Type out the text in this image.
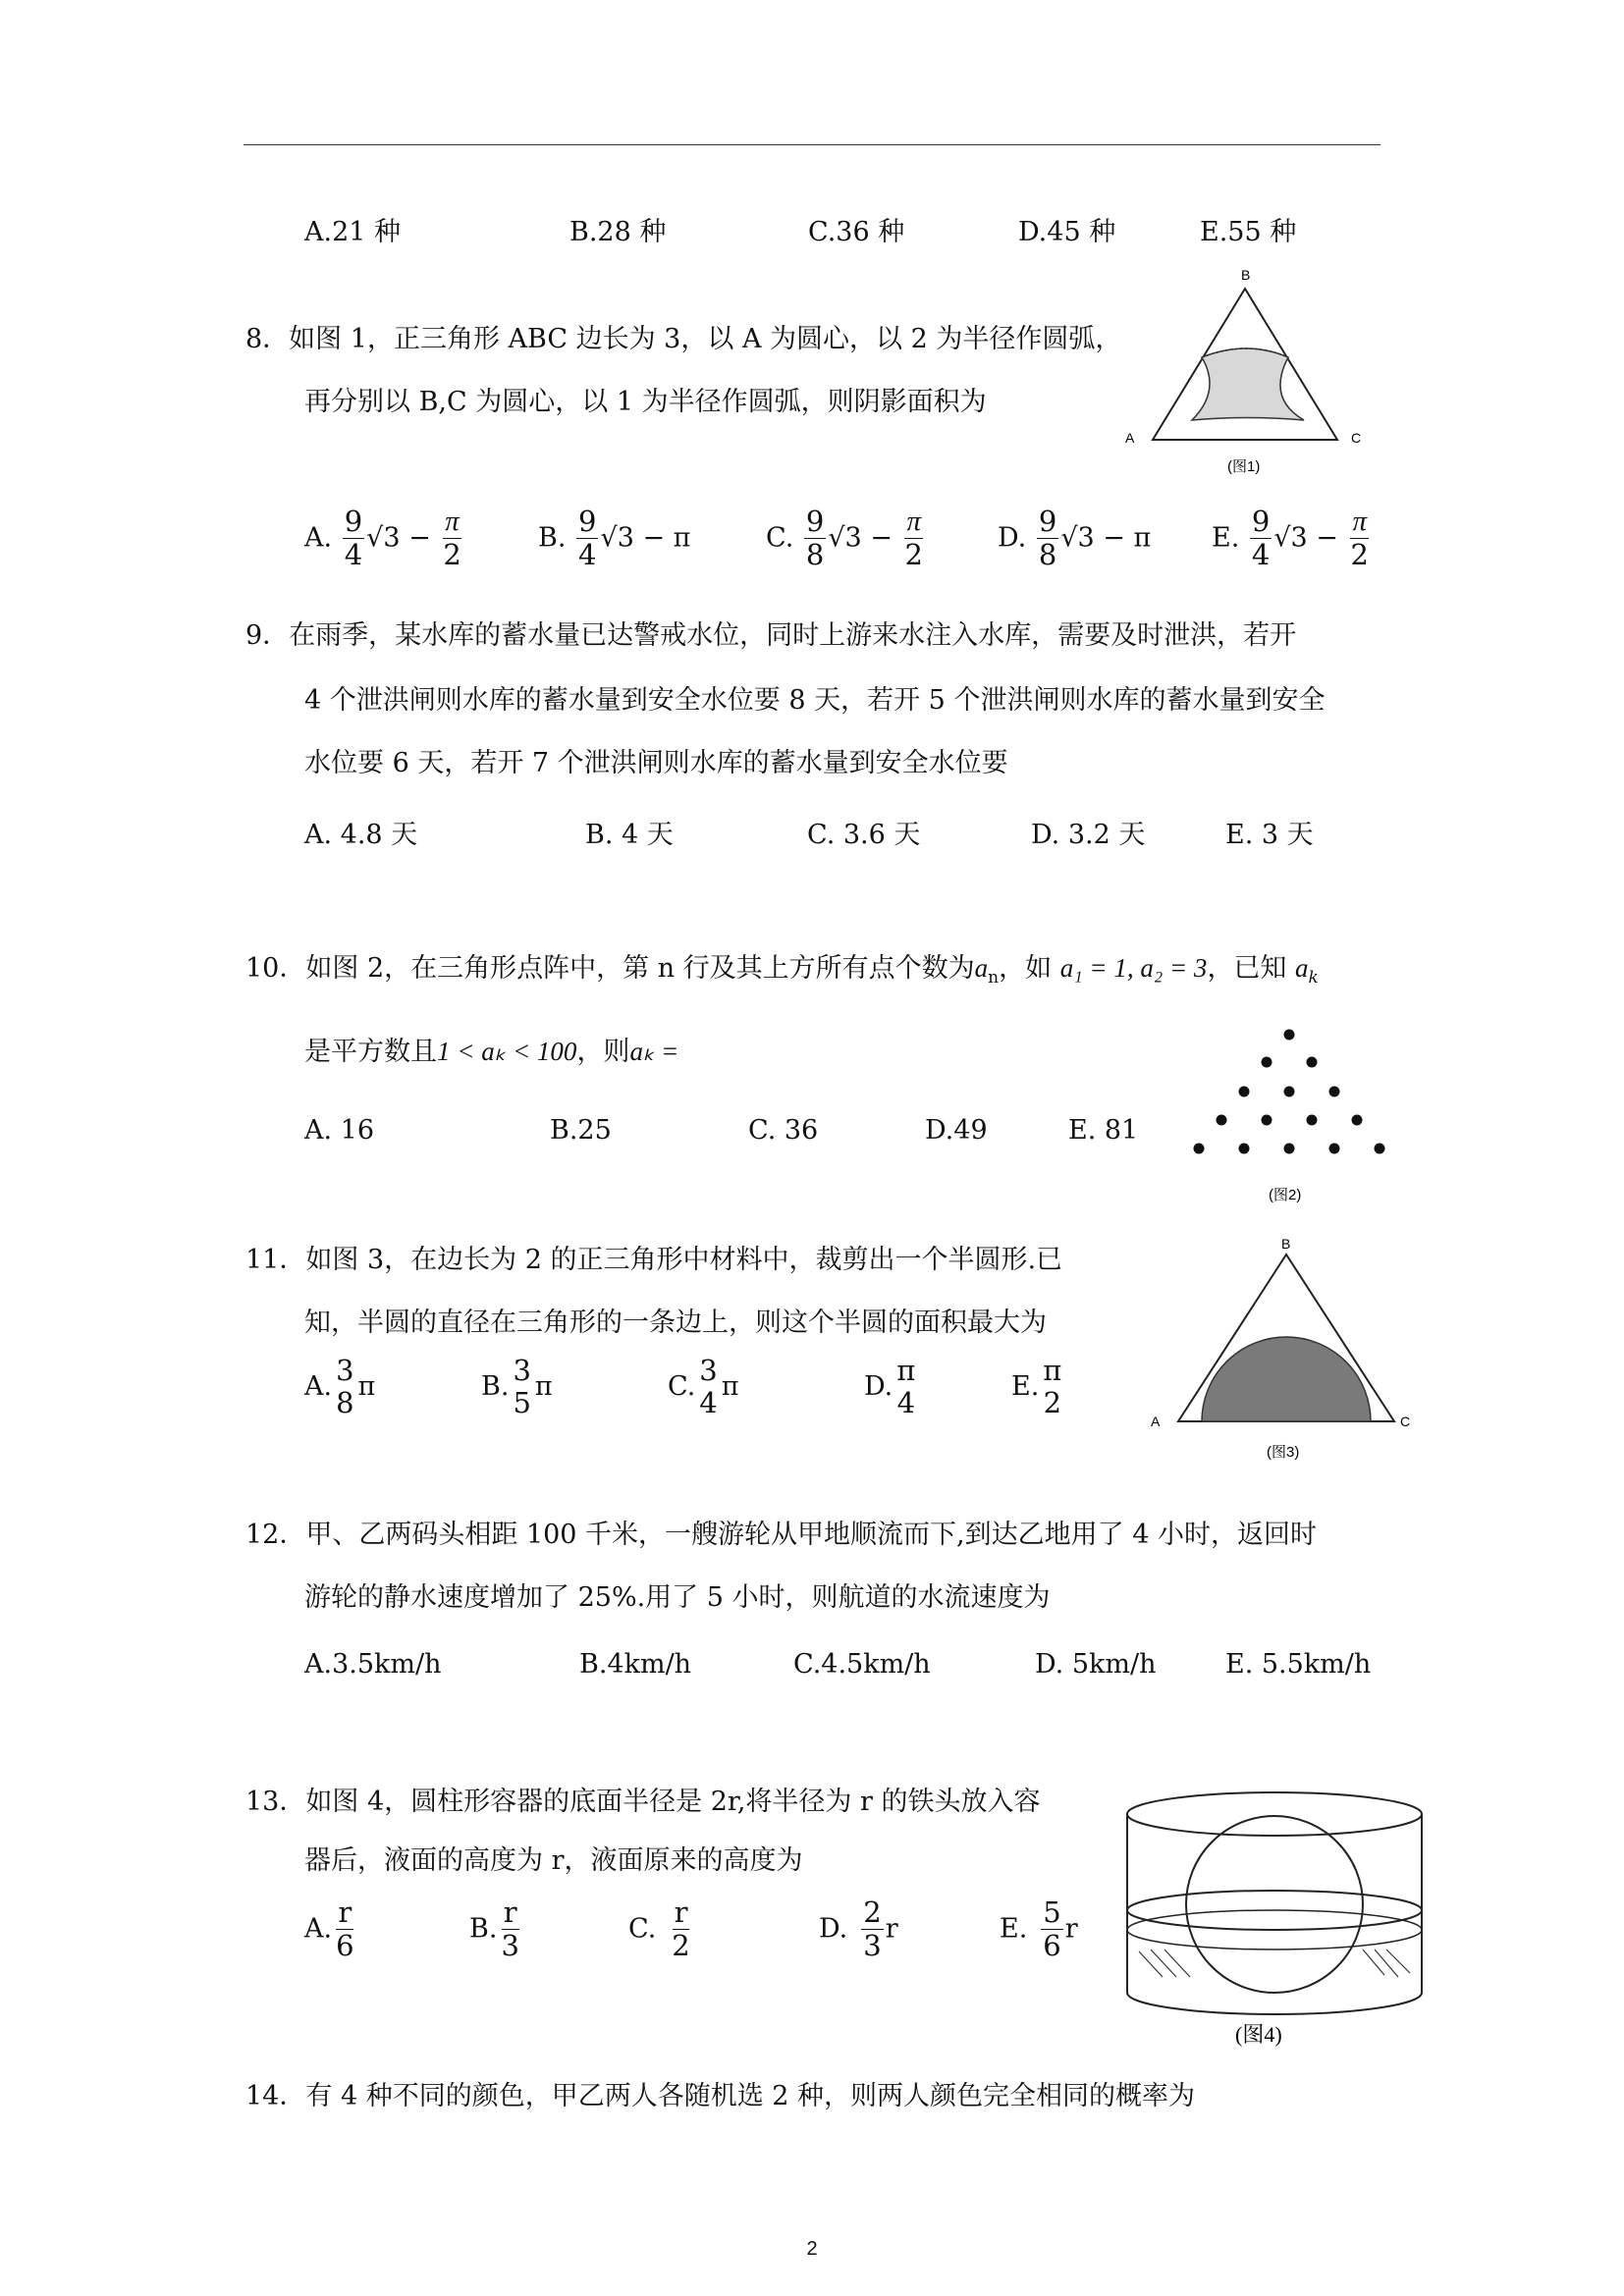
A.21 种	B.28 种	C.36 种	D.45 种	E.55 种
8．如图 1，正三角形 ABC 边长为 3，以 A 为圆心，以 2 为半径作圆弧，
再分别以 B,C 为圆心，以 1 为半径作圆弧，则阴影面积为
B
A	C
(图1)
A. $\frac{9}{4} √3 - \frac{\pi}{2}$	B. $\frac{9}{4} √3 - \pi$	C. $\frac{9}{8} √3 - \frac{\pi}{2}$	D. $\frac{9}{8} √3 - \pi$ E. $\frac{9}{4} √3 - \frac{\pi}{2}$
9．在雨季，某水库的蓄水量已达警戒水位，同时上游来水注入水库，需要及时泄洪，若开
4 个泄洪闸则水库的蓄水量到安全水位要 8 天，若开 5 个泄洪闸则水库的蓄水量到安全
水位要 6 天，若开 7 个泄洪闸则水库的蓄水量到安全水位要
A. 4.8 天	B. 4 天	C. 3.6 天	D. 3.2 天	E. 3 天
10．如图 2，在三角形点阵中，第 n 行及其上方所有点个数为$a_n$，如 a₁ = 1, a₂ = 3，已知 $a_k$
是平方数且1 < aₖ < 100，则aₖ =
(图2)
A. 16	B.25	C. 36	D.49	E. 81
11．如图 3，在边长为 2 的正三角形中材料中，裁剪出一个半圆形.已
知，半圆的直径在三角形的一条边上，则这个半圆的面积最大为
B
A	C
(图3)
A. 3
8 π	B. 3
5 π	C. 3
4 π	D. π
4	E. π
2
12．甲、乙两码头相距 100 千米，一艘游轮从甲地顺流而下,到达乙地用了 4 小时，返回时
游轮的静水速度增加了 25%.用了 5 小时，则航道的水流速度为
A.3.5km/h	B.4km/h	C.4.5km/h	D. 5km/h	E. 5.5km/h
13．如图 4，圆柱形容器的底面半径是 2r,将半径为 r 的铁头放入容
器后，液面的高度为 r，液面原来的高度为
(图4)
A. $\frac{r}{6}$	B. $\frac{r}{3}$	C. $\frac{r}{2}$	D. $\frac{2}{3}$ r	E. $\frac{5}{6}$ r
14．有 4 种不同的颜色，甲乙两人各随机选 2 种，则两人颜色完全相同的概率为
2
